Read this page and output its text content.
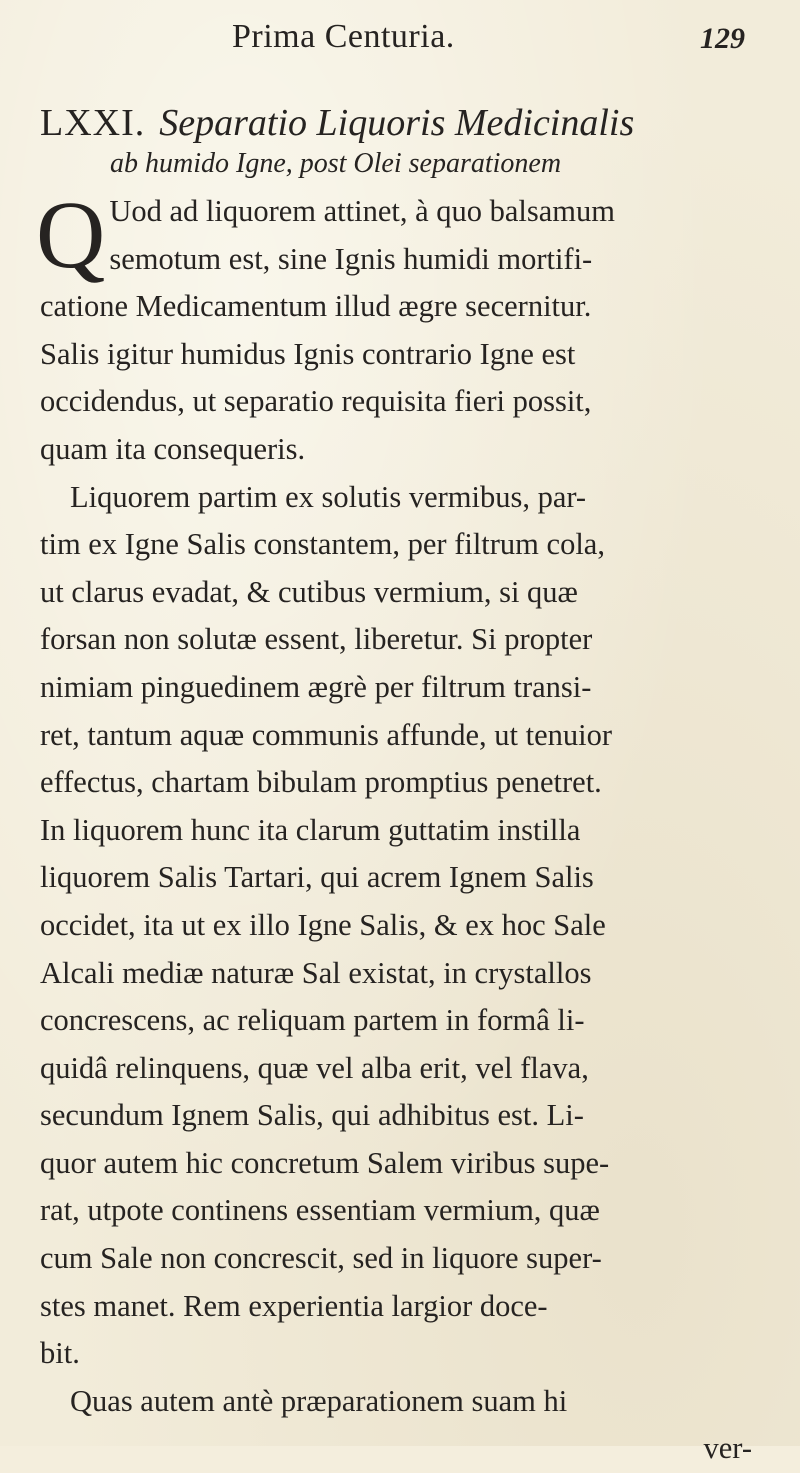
Prima Centuria.	129
LXXI. Separatio Liquoris Medicinalis
ab humido Igne, post Olei separationem
Q Uod ad liquorem attinet, à quo balsamum
semotum est, sine Ignis humidi mortifi-
catione Medicamentum illud ægre secernitur.
Salis igitur humidus Ignis contrario Igne est
occidendus, ut separatio requisita fieri possit,
quam ita consequeris.
Liquorem partim ex solutis vermibus, par-
tim ex Igne Salis constantem, per filtrum cola,
ut clarus evadat, & cutibus vermium, si quæ
forsan non solutæ essent, liberetur. Si propter
nimiam pinguedinem ægrè per filtrum transi-
ret, tantum aquæ communis affunde, ut tenuior
effectus, chartam bibulam promptius penetret.
In liquorem hunc ita clarum guttatim instilla
liquorem Salis Tartari, qui acrem Ignem Salis
occidet, ita ut ex illo Igne Salis, & ex hoc Sale
Alcali mediæ naturæ Sal existat, in crystallos
concrescens, ac reliquam partem in formâ li-
quidâ relinquens, quæ vel alba erit, vel flava,
secundum Ignem Salis, qui adhibitus est. Li-
quor autem hic concretum Salem viribus supe-
rat, utpote continens essentiam vermium, quæ
cum Sale non concrescit, sed in liquore super-
stes manet. Rem experientia largior doce-
bit.
Quas autem antè præparationem suam hi
ver-
